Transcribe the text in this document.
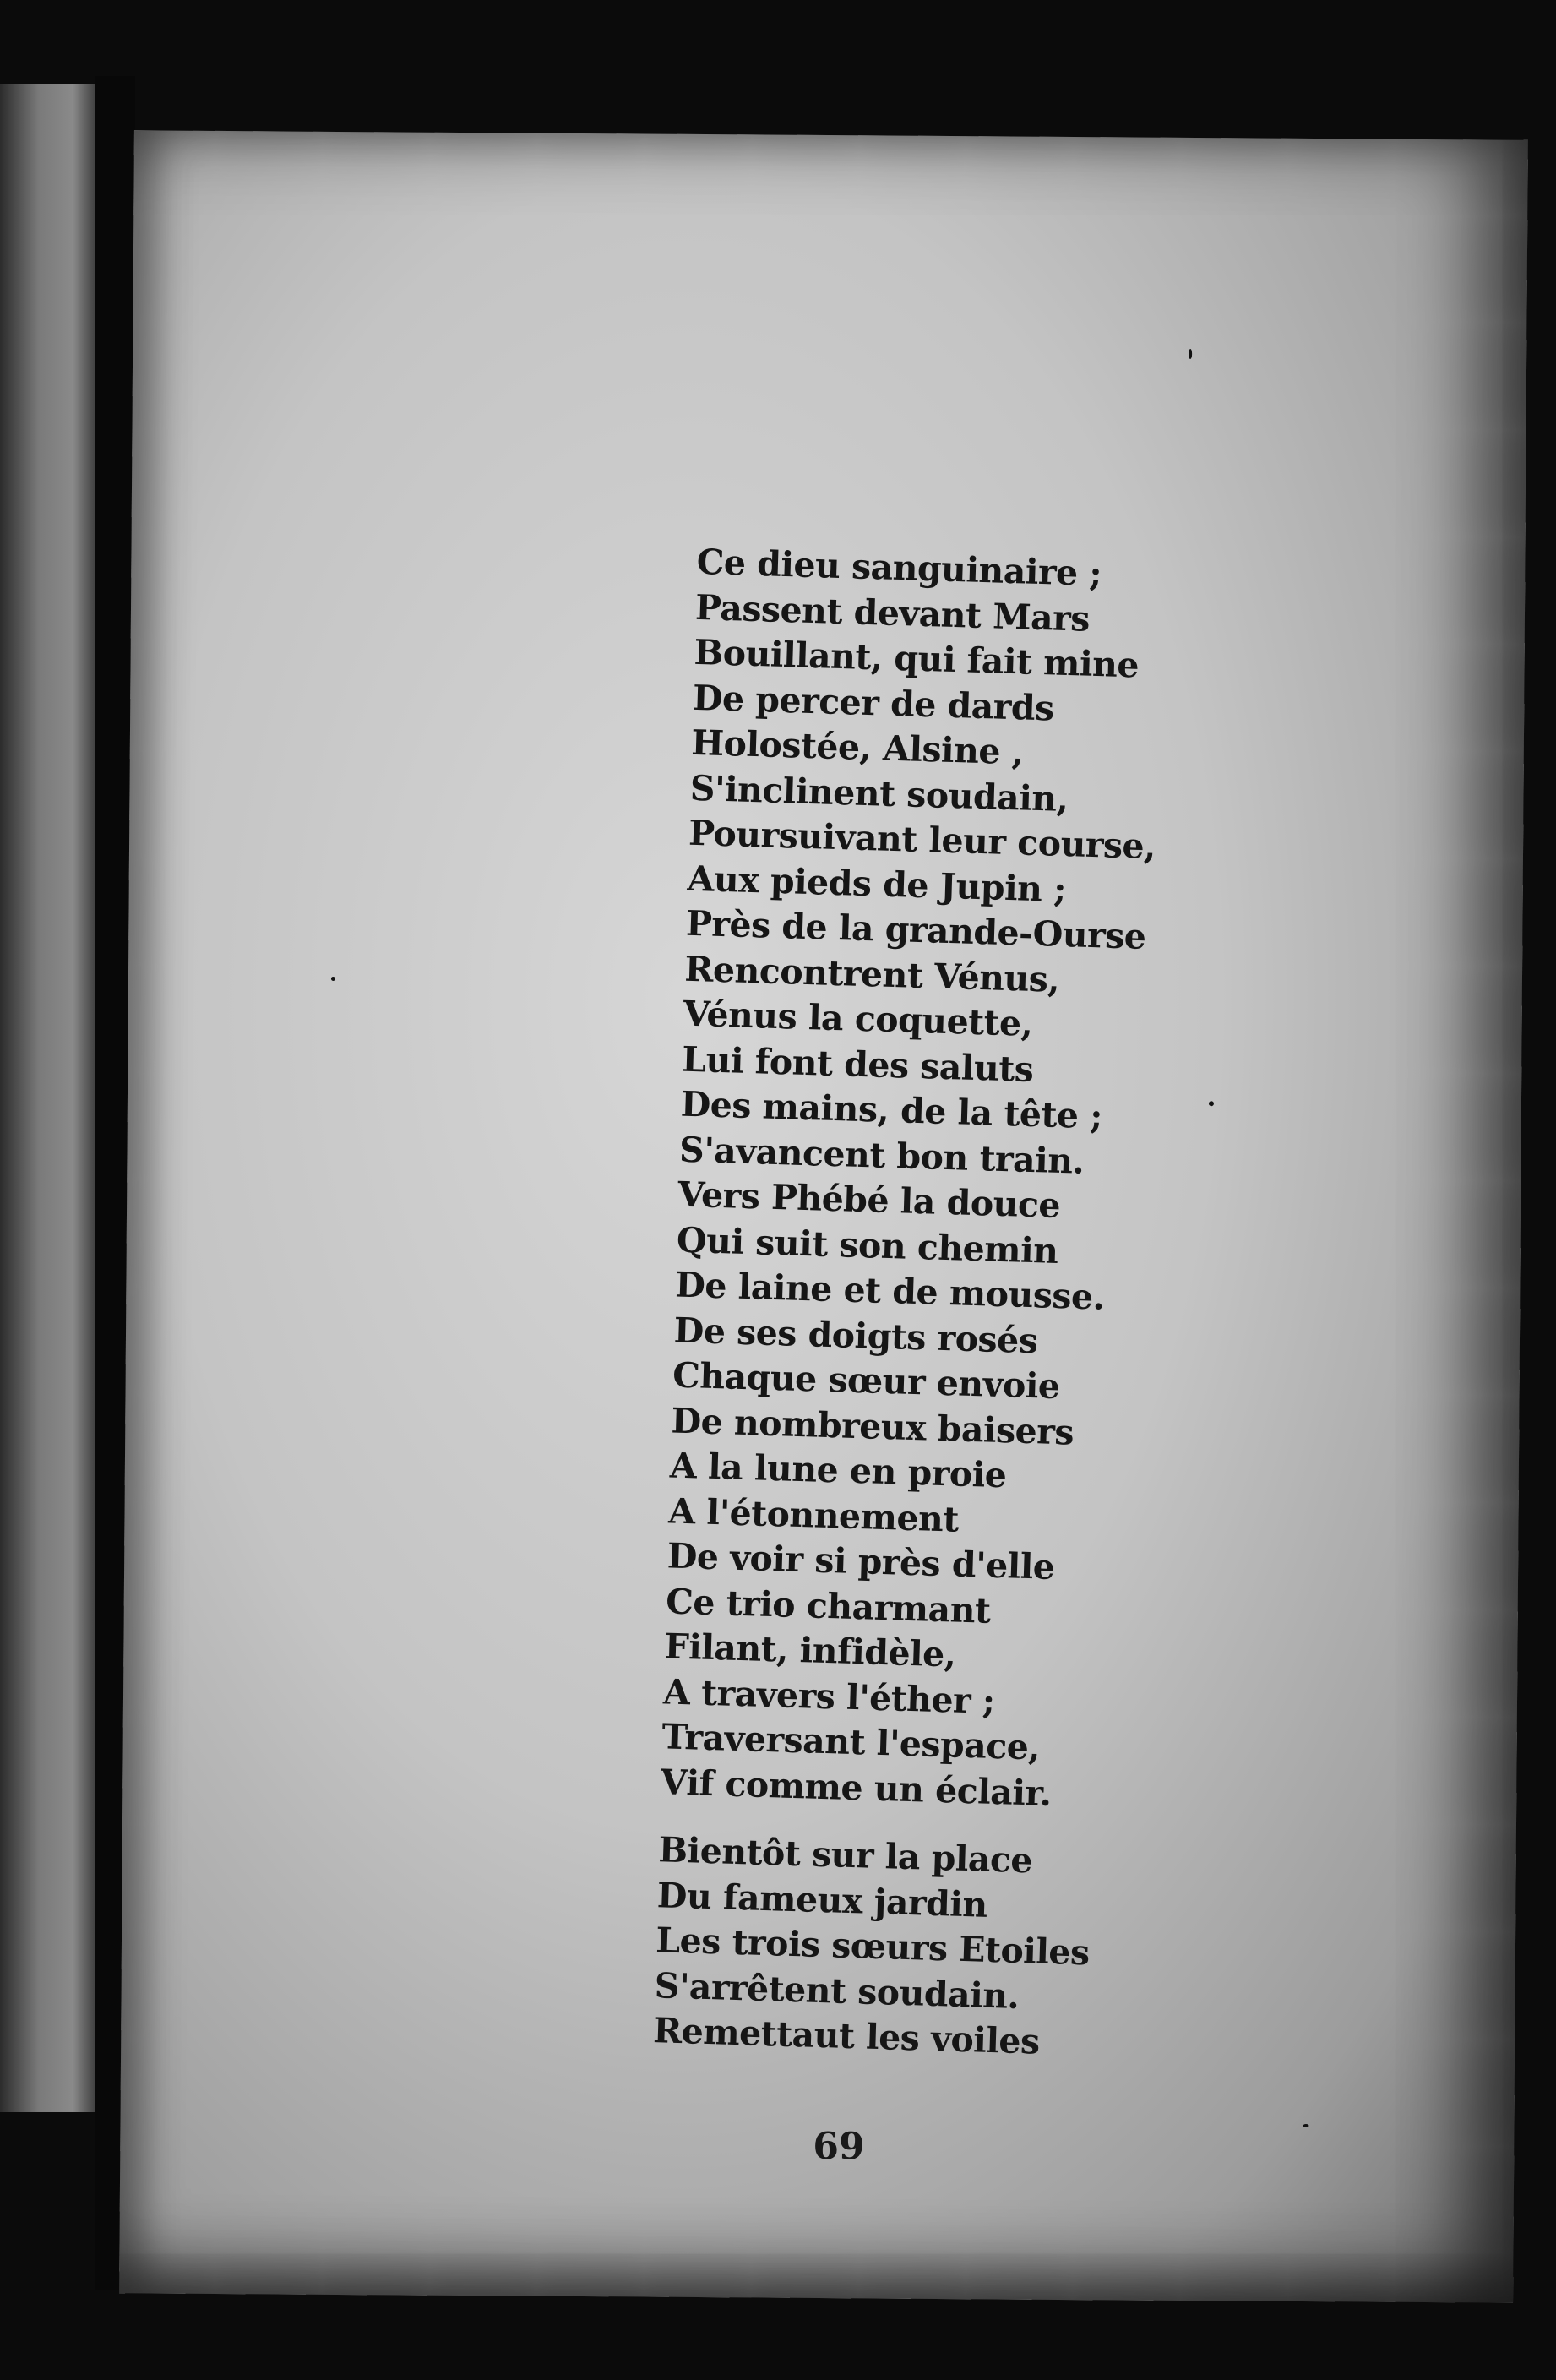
Ce dieu sanguinaire ;
Passent devant Mars
Bouillant, qui fait mine
De percer de dards
Holostée, Alsine ,
S'inclinent soudain,
Poursuivant leur course,
Aux pieds de Jupin ;
Près de la grande-Ourse
Rencontrent Vénus,
Vénus la coquette,
Lui font des saluts
Des mains, de la tête ;
S'avancent bon train.
Vers Phébé la douce
Qui suit son chemin
De laine et de mousse.
De ses doigts rosés
Chaque sœur envoie
De nombreux baisers
A la lune en proie
A l'étonnement
De voir si près d'elle
Ce trio charmant
Filant, infidèle,
A travers l'éther ;
Traversant l'espace,
Vif comme un éclair.
Bientôt sur la place
Du fameux jardin
Les trois sœurs Etoiles
S'arrêtent soudain.
Remettaut les voiles
69
